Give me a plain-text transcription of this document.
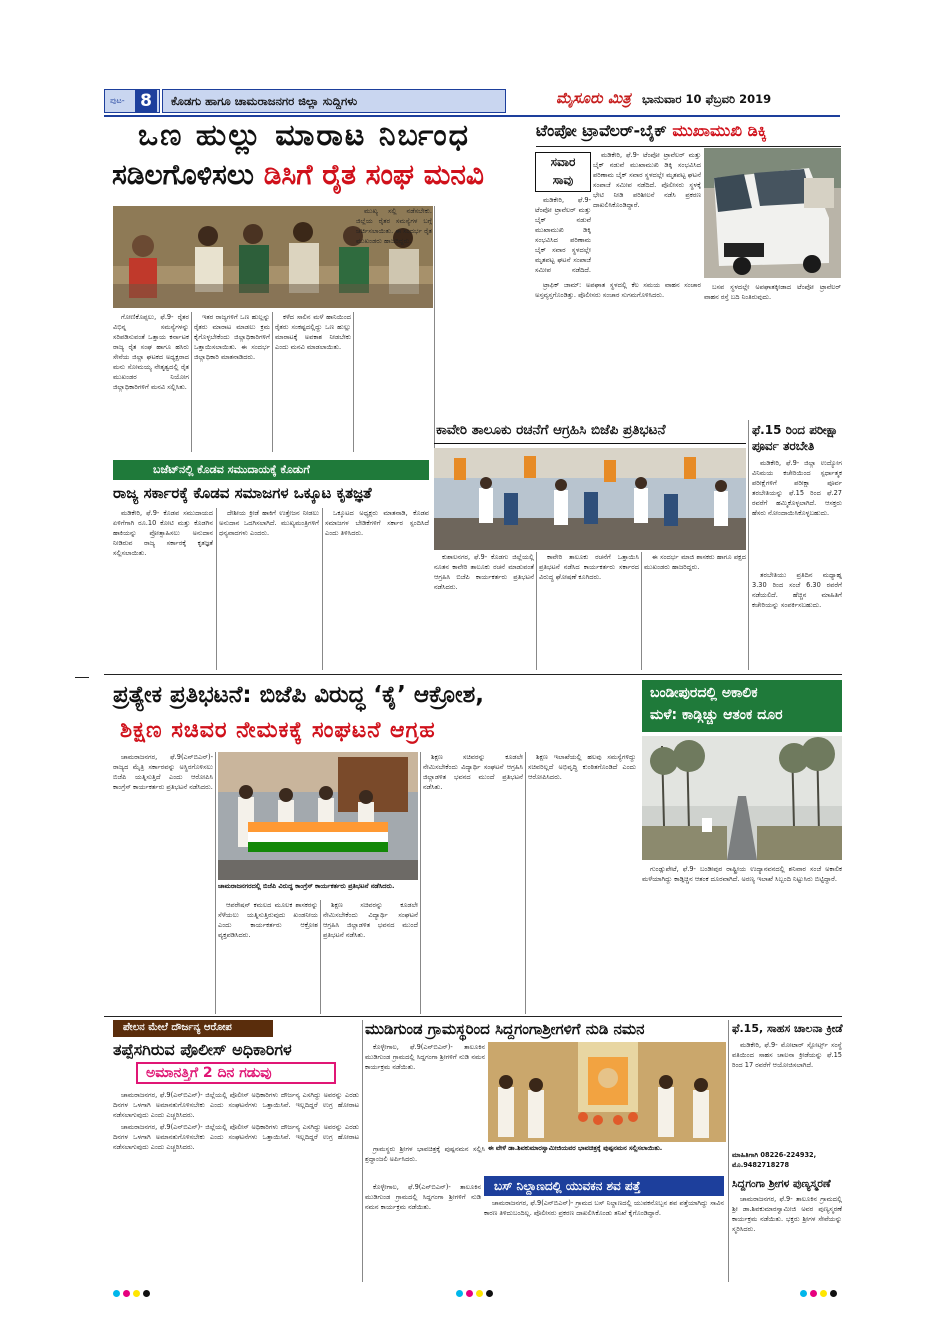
ಪುಟ- 8	ಕೊಡಗು ಹಾಗೂ ಚಾಮರಾಜನಗರ ಜಿಲ್ಲಾ ಸುದ್ದಿಗಳು	ಮೈಸೂರು ಮಿತ್ರ ಭಾನುವಾರ 10 ಫೆಬ್ರವರಿ 2019
ಒಣ ಹುಲ್ಲು ಮಾರಾಟ ನಿರ್ಬಂಧ
ಸಡಿಲಗೊಳಿಸಲು ಡಿಸಿಗೆ ರೈತ ಸಂಘ ಮನವಿ

ಗೋಣಿಕೊಪ್ಪಲು, ಫೆ.9- ರೈತರ ವಿಭಿನ್ನ ಸಮಸ್ಯೆಗಳನ್ನು ಸರಿಪಡಿಸುವಂತೆ ಒತ್ತಾಯ ಕರ್ನಾಟಕ ರಾಜ್ಯ ರೈತ ಸಂಘ ಹಾಗೂ ಹಸಿರು ಸೇನೆಯ ಜಿಲ್ಲಾ ಘಟಕದ ಅಧ್ಯಕ್ಷರಾದ ಮನು ಸೋಮಯ್ಯ ನೇತೃತ್ವದಲ್ಲಿ ರೈತ ಮುಖಂಡರ ನಿಯೋಗ ಜಿಲ್ಲಾಧಿಕಾರಿಗಳಿಗೆ ಮನವಿ ಸಲ್ಲಿಸಿತು.

ಇತರ ರಾಜ್ಯಗಳಿಗೆ ಒಣ ಹುಲ್ಲನ್ನು ರೈತರು ಮಾರಾಟ ಮಾಡಲು ಕ್ರಮ ಕೈಗೊಳ್ಳಬೇಕೆಂದು ಜಿಲ್ಲಾಧಿಕಾರಿಗಳಿಗೆ ಒತ್ತಾಯಿಸಲಾಯಿತು. ಈ ಸಂದರ್ಭ ಜಿಲ್ಲಾಧಿಕಾರಿ ಮಾತನಾಡಿದರು.

ಕಳೆದ ಸಾಲಿನ ಮಳೆ ಹಾನಿಯಿಂದ ರೈತರು ಸಂಕಷ್ಟದಲ್ಲಿದ್ದು ಒಣ ಹುಲ್ಲು ಮಾರಾಟಕ್ಕೆ ಅವಕಾಶ ನೀಡಬೇಕು ಎಂದು ಮನವಿ ಮಾಡಲಾಯಿತು.

ಮುಖ್ಯ ಸಲ್ಲಿ ನಡೆಸಬೇಕು. ಜಿಲ್ಲೆಯ ರೈತರ ಸಮಸ್ಯೆಗಳ ಬಗ್ಗೆ ಚರ್ಚಿಸಲಾಯಿತು. ಈ ಸಂದರ್ಭ ರೈತ ಮುಖಂಡರು ಹಾಜರಿದ್ದರು.

ಟೆಂಪೋ ಟ್ರಾವೆಲರ್-ಬೈಕ್ ಮುಖಾಮುಖಿ ಡಿಕ್ಕಿ
ಸವಾರ
ಸಾವು

ಮಡಿಕೇರಿ, ಫೆ.9- ಟೆಂಪೋ ಟ್ರಾವೆಲರ್ ಮತ್ತು ಬೈಕ್ ನಡುವೆ ಮುಖಾಮುಖಿ ಡಿಕ್ಕಿ ಸಂಭವಿಸಿದ ಪರಿಣಾಮ ಬೈಕ್ ಸವಾರ ಸ್ಥಳದಲ್ಲೇ ಮೃತಪಟ್ಟ ಘಟನೆ ಸಂಪಾಜೆ ಸಮೀಪ ನಡೆದಿದೆ. ಪೊಲೀಸರು ಸ್ಥಳಕ್ಕೆ ಭೇಟಿ ನೀಡಿ ಪರಿಶೀಲನೆ ನಡೆಸಿ ಪ್ರಕರಣ ದಾಖಲಿಸಿಕೊಂಡಿದ್ದಾರೆ.

ಮಡಿಕೇರಿ, ಫೆ.9- ಟೆಂಪೋ ಟ್ರಾವೆಲರ್ ಮತ್ತು ಬೈಕ್ ನಡುವೆ ಮುಖಾಮುಖಿ ಡಿಕ್ಕಿ ಸಂಭವಿಸಿದ ಪರಿಣಾಮ ಬೈಕ್ ಸವಾರ ಸ್ಥಳದಲ್ಲೇ ಮೃತಪಟ್ಟ ಘಟನೆ ಸಂಪಾಜೆ ಸಮೀಪ ನಡೆದಿದೆ.

ಟ್ರಾಫಿಕ್ ಜಾಮ್: ಅಪಘಾತ ಸ್ಥಳದಲ್ಲಿ ಕೆಲ ಸಮಯ ವಾಹನ ಸಂಚಾರ ಅಸ್ತವ್ಯಸ್ತಗೊಂಡಿತ್ತು. ಪೊಲೀಸರು ಸಂಚಾರ ಸುಗಮಗೊಳಿಸಿದರು.

ಬಸವ ಸ್ಥಳದಲ್ಲೇ ಅಪಘಾತಕ್ಕೀಡಾದ ಟೆಂಪೋ ಟ್ರಾವೆಲರ್ ವಾಹನ ರಸ್ತೆ ಬದಿ ನಿಂತಿರುವುದು.

ಕಾವೇರಿ ತಾಲೂಕು ರಚನೆಗೆ ಆಗ್ರಹಿಸಿ ಬಿಜೆಪಿ ಪ್ರತಿಭಟನೆ

ಕುಶಾಲನಗರ, ಫೆ.9- ಕೊಡಗು ಜಿಲ್ಲೆಯಲ್ಲಿ ನೂತನ ಕಾವೇರಿ ತಾಲೂಕು ರಚನೆ ಮಾಡುವಂತೆ ಆಗ್ರಹಿಸಿ ಬಿಜೆಪಿ ಕಾರ್ಯಕರ್ತರು ಪ್ರತಿಭಟನೆ ನಡೆಸಿದರು.

ಕಾವೇರಿ ತಾಲೂಕು ರಚನೆಗೆ ಒತ್ತಾಯಿಸಿ ಪ್ರತಿಭಟನೆ ನಡೆಸಿದ ಕಾರ್ಯಕರ್ತರು ಸರ್ಕಾರದ ವಿರುದ್ಧ ಘೋಷಣೆ ಕೂಗಿದರು.

ಈ ಸಂದರ್ಭ ಮಾಜಿ ಶಾಸಕರು ಹಾಗೂ ಪಕ್ಷದ ಮುಖಂಡರು ಹಾಜರಿದ್ದರು.

ಬಜೆಟ್‌ನಲ್ಲಿ ಕೊಡವ ಸಮುದಾಯಕ್ಕೆ ಕೊಡುಗೆ
ರಾಜ್ಯ ಸರ್ಕಾರಕ್ಕೆ ಕೊಡವ ಸಮಾಜಗಳ ಒಕ್ಕೂಟ ಕೃತಜ್ಞತೆ

ಮಡಿಕೇರಿ, ಫೆ.9- ಕೊಡವ ಸಮುದಾಯದ ಏಳಿಗೆಗಾಗಿ ರೂ.10 ಕೋಟಿ ಮತ್ತು ಕೊಡಗಿನ ಹಾಕಿಯನ್ನು ಪ್ರೋತ್ಸಾಹಿಸಲು ಅನುದಾನ ನೀಡಿರುವ ರಾಜ್ಯ ಸರ್ಕಾರಕ್ಕೆ ಕೃತಜ್ಞತೆ ಸಲ್ಲಿಸಲಾಯಿತು.

ದೇಶೀಯ ಕ್ರೀಡೆ ಹಾಕಿಗೆ ಉತ್ತೇಜನ ನೀಡಲು ಅನುದಾನ ಒದಗಿಸಲಾಗಿದೆ. ಮುಖ್ಯಮಂತ್ರಿಗಳಿಗೆ ಧನ್ಯವಾದಗಳು ಎಂದರು.

ಒಕ್ಕೂಟದ ಅಧ್ಯಕ್ಷರು ಮಾತನಾಡಿ, ಕೊಡವ ಸಮಾಜಗಳ ಬೇಡಿಕೆಗಳಿಗೆ ಸರ್ಕಾರ ಸ್ಪಂದಿಸಿದೆ ಎಂದು ತಿಳಿಸಿದರು.

ಫೆ.15 ರಿಂದ ಪರೀಕ್ಷಾ ಪೂರ್ವ ತರಬೇತಿ

ಮಡಿಕೇರಿ, ಫೆ.9- ಜಿಲ್ಲಾ ಉದ್ಯೋಗ ವಿನಿಮಯ ಕಚೇರಿಯಿಂದ ಸ್ಪರ್ಧಾತ್ಮಕ ಪರೀಕ್ಷೆಗಳಿಗೆ ಪರೀಕ್ಷಾ ಪೂರ್ವ ತರಬೇತಿಯನ್ನು ಫೆ.15 ರಿಂದ ಫೆ.27 ರವರೆಗೆ ಹಮ್ಮಿಕೊಳ್ಳಲಾಗಿದೆ. ಆಸಕ್ತರು ಹೆಸರು ನೋಂದಾಯಿಸಿಕೊಳ್ಳಬಹುದು.

ತರಬೇತಿಯು ಪ್ರತಿದಿನ ಮಧ್ಯಾಹ್ನ 3.30 ರಿಂದ ಸಂಜೆ 6.30 ರವರೆಗೆ ನಡೆಯಲಿದೆ. ಹೆಚ್ಚಿನ ಮಾಹಿತಿಗೆ ಕಚೇರಿಯನ್ನು ಸಂಪರ್ಕಿಸಬಹುದು.

ಪ್ರತ್ಯೇಕ ಪ್ರತಿಭಟನೆ: ಬಿಜೆಪಿ ವಿರುದ್ಧ ‘ಕೈ’ ಆಕ್ರೋಶ,
ಶಿಕ್ಷಣ ಸಚಿವರ ನೇಮಕಕ್ಕೆ ಸಂಘಟನೆ ಆಗ್ರಹ

ಚಾಮರಾಜನಗರ, ಫೆ.9(ಎನ್‌ಬಿಎನ್)- ರಾಜ್ಯದ ಮೈತ್ರಿ ಸರ್ಕಾರವನ್ನು ಅಸ್ಥಿರಗೊಳಿಸಲು ಬಿಜೆಪಿ ಯತ್ನಿಸುತ್ತಿದೆ ಎಂದು ಆರೋಪಿಸಿ ಕಾಂಗ್ರೆಸ್ ಕಾರ್ಯಕರ್ತರು ಪ್ರತಿಭಟನೆ ನಡೆಸಿದರು.

ಚಾಮರಾಜನಗರದಲ್ಲಿ ಬಿಜೆಪಿ ವಿರುದ್ಧ ಕಾಂಗ್ರೆಸ್ ಕಾರ್ಯಕರ್ತರು ಪ್ರತಿಭಟನೆ ನಡೆಸಿದರು.

ಆಪರೇಷನ್ ಕಮಲದ ಮೂಲಕ ಶಾಸಕರನ್ನು ಸೆಳೆಯಲು ಯತ್ನಿಸುತ್ತಿರುವುದು ಖಂಡನೀಯ ಎಂದು ಕಾರ್ಯಕರ್ತರು ಆಕ್ರೋಶ ವ್ಯಕ್ತಪಡಿಸಿದರು.

ಶಿಕ್ಷಣ ಸಚಿವರನ್ನು ಕೂಡಲೇ ನೇಮಿಸಬೇಕೆಂದು ವಿದ್ಯಾರ್ಥಿ ಸಂಘಟನೆ ಆಗ್ರಹಿಸಿ ಜಿಲ್ಲಾಡಳಿತ ಭವನದ ಮುಂದೆ ಪ್ರತಿಭಟನೆ ನಡೆಸಿತು.

ಶಿಕ್ಷಣ ಸಚಿವರನ್ನು ಕೂಡಲೇ ನೇಮಿಸಬೇಕೆಂದು ವಿದ್ಯಾರ್ಥಿ ಸಂಘಟನೆ ಆಗ್ರಹಿಸಿ ಜಿಲ್ಲಾಡಳಿತ ಭವನದ ಮುಂದೆ ಪ್ರತಿಭಟನೆ ನಡೆಸಿತು.

ಶಿಕ್ಷಣ ಇಲಾಖೆಯಲ್ಲಿ ಹಲವು ಸಮಸ್ಯೆಗಳಿದ್ದು ಸಚಿವರಿಲ್ಲದೆ ಅಭಿವೃದ್ಧಿ ಕುಂಠಿತಗೊಂಡಿದೆ ಎಂದು ಆರೋಪಿಸಿದರು.

ಬಂಡೀಪುರದಲ್ಲಿ ಅಕಾಲಿಕ
ಮಳೆ: ಕಾಡ್ಗಿಚ್ಚು ಆತಂಕ ದೂರ

ಗುಂಡ್ಲುಪೇಟೆ, ಫೆ.9- ಬಂಡೀಪುರ ರಾಷ್ಟ್ರೀಯ ಉದ್ಯಾನವನದಲ್ಲಿ ಶನಿವಾರ ಸಂಜೆ ಅಕಾಲಿಕ ಮಳೆಯಾಗಿದ್ದು ಕಾಡ್ಗಿಚ್ಚಿನ ಆತಂಕ ದೂರವಾಗಿದೆ. ಅರಣ್ಯ ಇಲಾಖೆ ಸಿಬ್ಬಂದಿ ನಿಟ್ಟುಸಿರು ಬಿಟ್ಟಿದ್ದಾರೆ.

ಪೇಲನ ಮೇಲೆ ದೌರ್ಜನ್ಯ ಆರೋಪ
ತಪ್ಪೆಸಗಿರುವ ಪೊಲೀಸ್ ಅಧಿಕಾರಿಗಳ
ಅಮಾನತ್ತಿಗೆ 2 ದಿನ ಗಡುವು

ಚಾಮರಾಜನಗರ, ಫೆ.9(ಎನ್‌ಬಿಎನ್)- ಜಿಲ್ಲೆಯಲ್ಲಿ ಪೊಲೀಸ್ ಅಧಿಕಾರಿಗಳು ದೌರ್ಜನ್ಯ ಎಸಗಿದ್ದು ಅವರನ್ನು ಎರಡು ದಿನಗಳ ಒಳಗಾಗಿ ಅಮಾನತುಗೊಳಿಸಬೇಕು ಎಂದು ಸಂಘಟನೆಗಳು ಒತ್ತಾಯಿಸಿವೆ. ಇಲ್ಲದಿದ್ದರೆ ಉಗ್ರ ಹೋರಾಟ ನಡೆಸಲಾಗುವುದು ಎಂದು ಎಚ್ಚರಿಸಿದರು.

ಚಾಮರಾಜನಗರ, ಫೆ.9(ಎನ್‌ಬಿಎನ್)- ಜಿಲ್ಲೆಯಲ್ಲಿ ಪೊಲೀಸ್ ಅಧಿಕಾರಿಗಳು ದೌರ್ಜನ್ಯ ಎಸಗಿದ್ದು ಅವರನ್ನು ಎರಡು ದಿನಗಳ ಒಳಗಾಗಿ ಅಮಾನತುಗೊಳಿಸಬೇಕು ಎಂದು ಸಂಘಟನೆಗಳು ಒತ್ತಾಯಿಸಿವೆ. ಇಲ್ಲದಿದ್ದರೆ ಉಗ್ರ ಹೋರಾಟ ನಡೆಸಲಾಗುವುದು ಎಂದು ಎಚ್ಚರಿಸಿದರು.

ಮುಡಿಗುಂಡ ಗ್ರಾಮಸ್ಥರಿಂದ ಸಿದ್ದಗಂಗಾಶ್ರೀಗಳಿಗೆ ನುಡಿ ನಮನ

ಕೊಳ್ಳೇಗಾಲ, ಫೆ.9(ಎನ್‌ಬಿಎನ್)- ತಾಲೂಕಿನ ಮುಡಿಗುಂಡ ಗ್ರಾಮದಲ್ಲಿ ಸಿದ್ದಗಂಗಾ ಶ್ರೀಗಳಿಗೆ ನುಡಿ ನಮನ ಕಾರ್ಯಕ್ರಮ ನಡೆಯಿತು.

ಈ ವೇಳೆ ಡಾ.ಶಿವಕುಮಾರಸ್ವಾಮೀಜಿಯವರ ಭಾವಚಿತ್ರಕ್ಕೆ ಪುಷ್ಪನಮನ ಸಲ್ಲಿಸಲಾಯಿತು.

ಗ್ರಾಮಸ್ಥರು ಶ್ರೀಗಳ ಭಾವಚಿತ್ರಕ್ಕೆ ಪುಷ್ಪನಮನ ಸಲ್ಲಿಸಿ ಶ್ರದ್ಧಾಂಜಲಿ ಅರ್ಪಿಸಿದರು.

ಬಸ್ ನಿಲ್ದಾಣದಲ್ಲಿ ಯುವಕನ ಶವ ಪತ್ತೆ

ಚಾಮರಾಜನಗರ, ಫೆ.9(ಎನ್‌ಬಿಎನ್)- ಗ್ರಾಮದ ಬಸ್ ನಿಲ್ದಾಣದಲ್ಲಿ ಯುವಕನೊಬ್ಬನ ಶವ ಪತ್ತೆಯಾಗಿದ್ದು ಸಾವಿನ ಕಾರಣ ತಿಳಿದುಬಂದಿಲ್ಲ. ಪೊಲೀಸರು ಪ್ರಕರಣ ದಾಖಲಿಸಿಕೊಂಡು ತನಿಖೆ ಕೈಗೊಂಡಿದ್ದಾರೆ.

ಕೊಳ್ಳೇಗಾಲ, ಫೆ.9(ಎನ್‌ಬಿಎನ್)- ತಾಲೂಕಿನ ಮುಡಿಗುಂಡ ಗ್ರಾಮದಲ್ಲಿ ಸಿದ್ದಗಂಗಾ ಶ್ರೀಗಳಿಗೆ ನುಡಿ ನಮನ ಕಾರ್ಯಕ್ರಮ ನಡೆಯಿತು.

ಫೆ.15, ಸಾಹಸ ಚಾಲನಾ ಕ್ರೀಡೆ

ಮಡಿಕೇರಿ, ಫೆ.9- ಮೋಟಾರ್ ಸ್ಪೋರ್ಟ್ಸ್ ಸಂಸ್ಥೆ ವತಿಯಿಂದ ಸಾಹಸ ಚಾಲನಾ ಕ್ರೀಡೆಯನ್ನು ಫೆ.15 ರಿಂದ 17 ರವರೆಗೆ ಆಯೋಜಿಸಲಾಗಿದೆ.

ಮಾಹಿತಿಗಾಗಿ 08226-224932, ಮೊ.9482718278
ಸಿದ್ದಗಂಗಾ ಶ್ರೀಗಳ ಪುಣ್ಯಸ್ಮರಣೆ

ಚಾಮರಾಜನಗರ, ಫೆ.9- ತಾಲೂಕಿನ ಗ್ರಾಮದಲ್ಲಿ ಶ್ರೀ ಡಾ.ಶಿವಕುಮಾರಸ್ವಾಮೀಜಿ ಅವರ ಪುಣ್ಯಸ್ಮರಣೆ ಕಾರ್ಯಕ್ರಮ ನಡೆಯಿತು. ಭಕ್ತರು ಶ್ರೀಗಳ ಸೇವೆಯನ್ನು ಸ್ಮರಿಸಿದರು.
